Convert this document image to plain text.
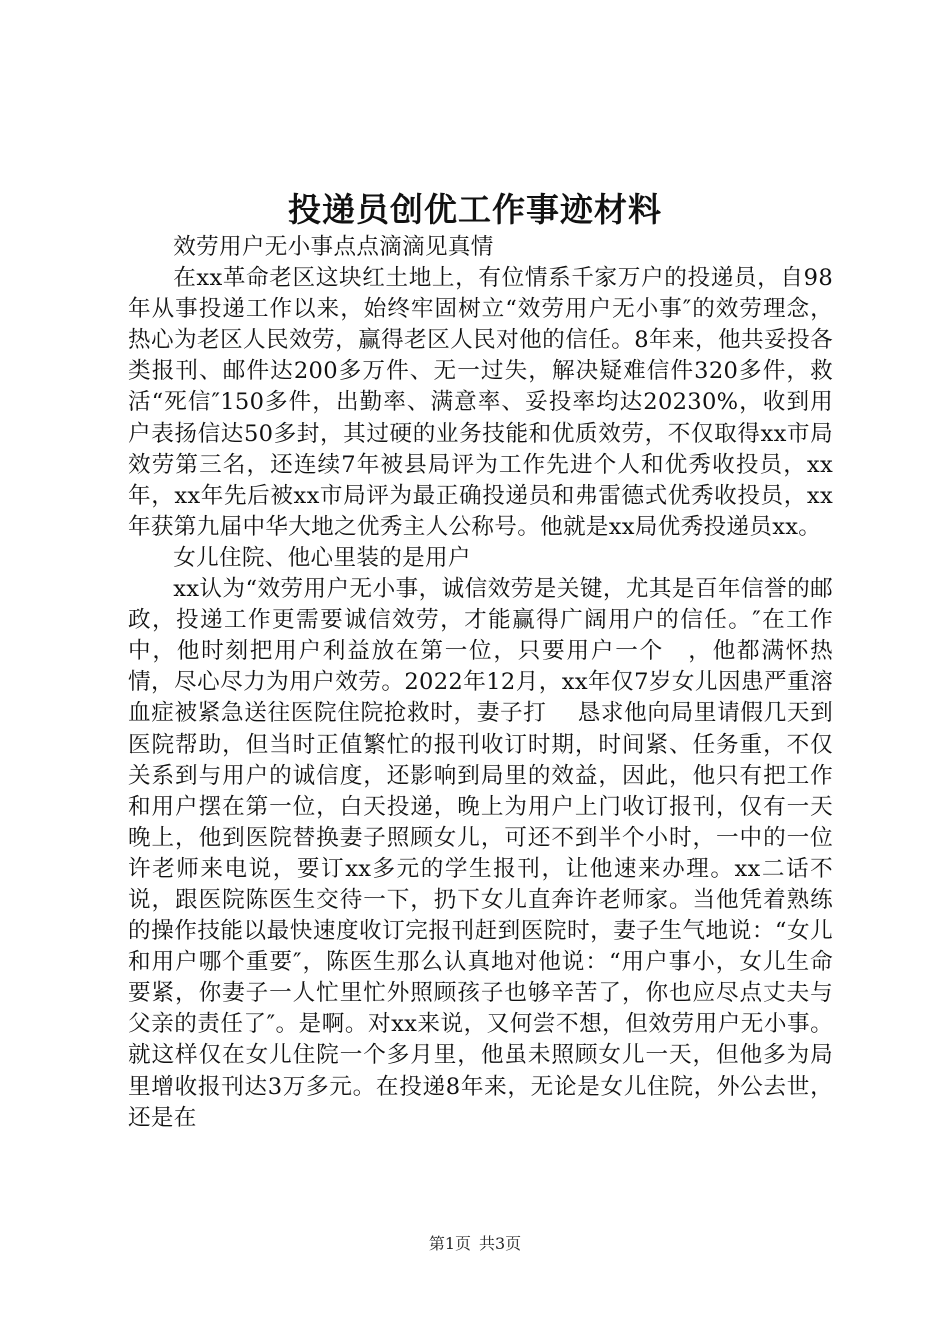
投递员创优工作事迹材料

效劳用户无小事点点滴滴见真情

在xx革命老区这块红土地上，有位情系千家万户的投递员，自98年从事投递工作以来，始终牢固树立“效劳用户无小事″的效劳理念，热心为老区人民效劳，赢得老区人民对他的信任。8年来，他共妥投各类报刊、邮件达200多万件、无一过失，解决疑难信件320多件，救活“死信″150多件，出勤率、满意率、妥投率均达20230%，收到用户表扬信达50多封，其过硬的业务技能和优质效劳，不仅取得xx市局效劳第三名，还连续7年被县局评为工作先进个人和优秀收投员，xx年，xx年先后被xx市局评为最正确投递员和弗雷德式优秀收投员，xx年获第九届中华大地之优秀主人公称号。他就是xx局优秀投递员xx。

女儿住院、他心里装的是用户

xx认为“效劳用户无小事，诚信效劳是关键，尤其是百年信誉的邮政，投递工作更需要诚信效劳，才能赢得广阔用户的信任。″在工作中，他时刻把用户利益放在第一位，只要用户一个　，他都满怀热情，尽心尽力为用户效劳。2022年12月，xx年仅7岁女儿因患严重溶血症被紧急送往医院住院抢救时，妻子打　 恳求他向局里请假几天到医院帮助，但当时正值繁忙的报刊收订时期，时间紧、任务重，不仅关系到与用户的诚信度，还影响到局里的效益，因此，他只有把工作和用户摆在第一位，白天投递，晚上为用户上门收订报刊，仅有一天晚上，他到医院替换妻子照顾女儿，可还不到半个小时，一中的一位许老师来电说，要订xx多元的学生报刊，让他速来办理。xx二话不说，跟医院陈医生交待一下，扔下女儿直奔许老师家。当他凭着熟练的操作技能以最快速度收订完报刊赶到医院时，妻子生气地说：“女儿和用户哪个重要″，陈医生那么认真地对他说：“用户事小，女儿生命要紧，你妻子一人忙里忙外照顾孩子也够辛苦了，你也应尽点丈夫与父亲的责任了″。是啊。对xx来说，又何尝不想，但效劳用户无小事。就这样仅在女儿住院一个多月里，他虽未照顾女儿一天，但他多为局里增收报刊达3万多元。在投递8年来，无论是女儿住院，外公去世，还是在

第1页 共3页
